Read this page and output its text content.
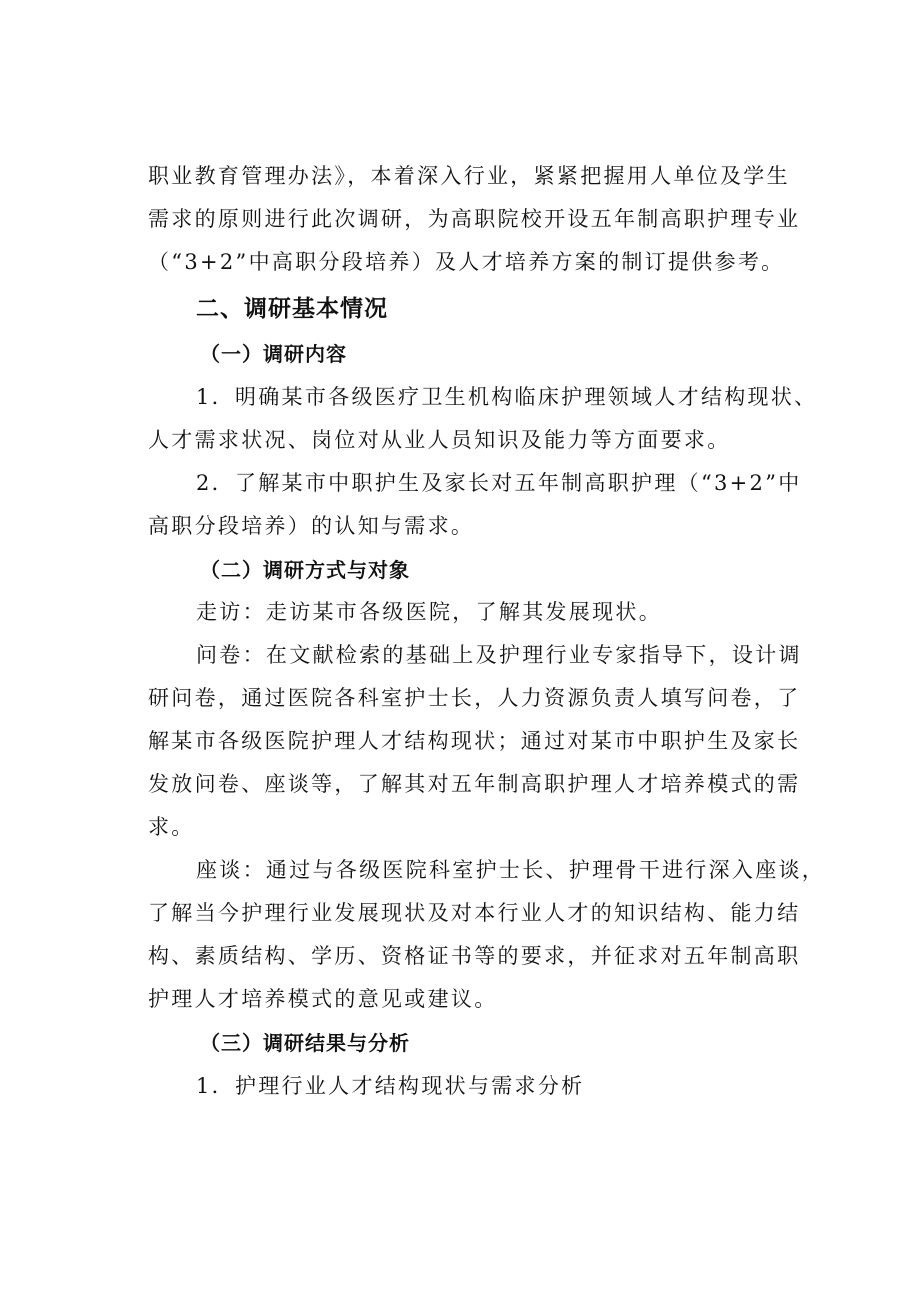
职业教育管理办法》，本着深入行业，紧紧把握用人单位及学生
需求的原则进行此次调研，为高职院校开设五年制高职护理专业
（“3+2”中高职分段培养）及人才培养方案的制订提供参考。
二、调研基本情况
（一）调研内容
1．明确某市各级医疗卫生机构临床护理领域人才结构现状、
人才需求状况、岗位对从业人员知识及能力等方面要求。
2．了解某市中职护生及家长对五年制高职护理（“3+2”中
高职分段培养）的认知与需求。
（二）调研方式与对象
走访：走访某市各级医院，了解其发展现状。
问卷：在文献检索的基础上及护理行业专家指导下，设计调
研问卷，通过医院各科室护士长，人力资源负责人填写问卷，了
解某市各级医院护理人才结构现状；通过对某市中职护生及家长
发放问卷、座谈等，了解其对五年制高职护理人才培养模式的需
求。
座谈：通过与各级医院科室护士长、护理骨干进行深入座谈，
了解当今护理行业发展现状及对本行业人才的知识结构、能力结
构、素质结构、学历、资格证书等的要求，并征求对五年制高职
护理人才培养模式的意见或建议。
（三）调研结果与分析
1．护理行业人才结构现状与需求分析
